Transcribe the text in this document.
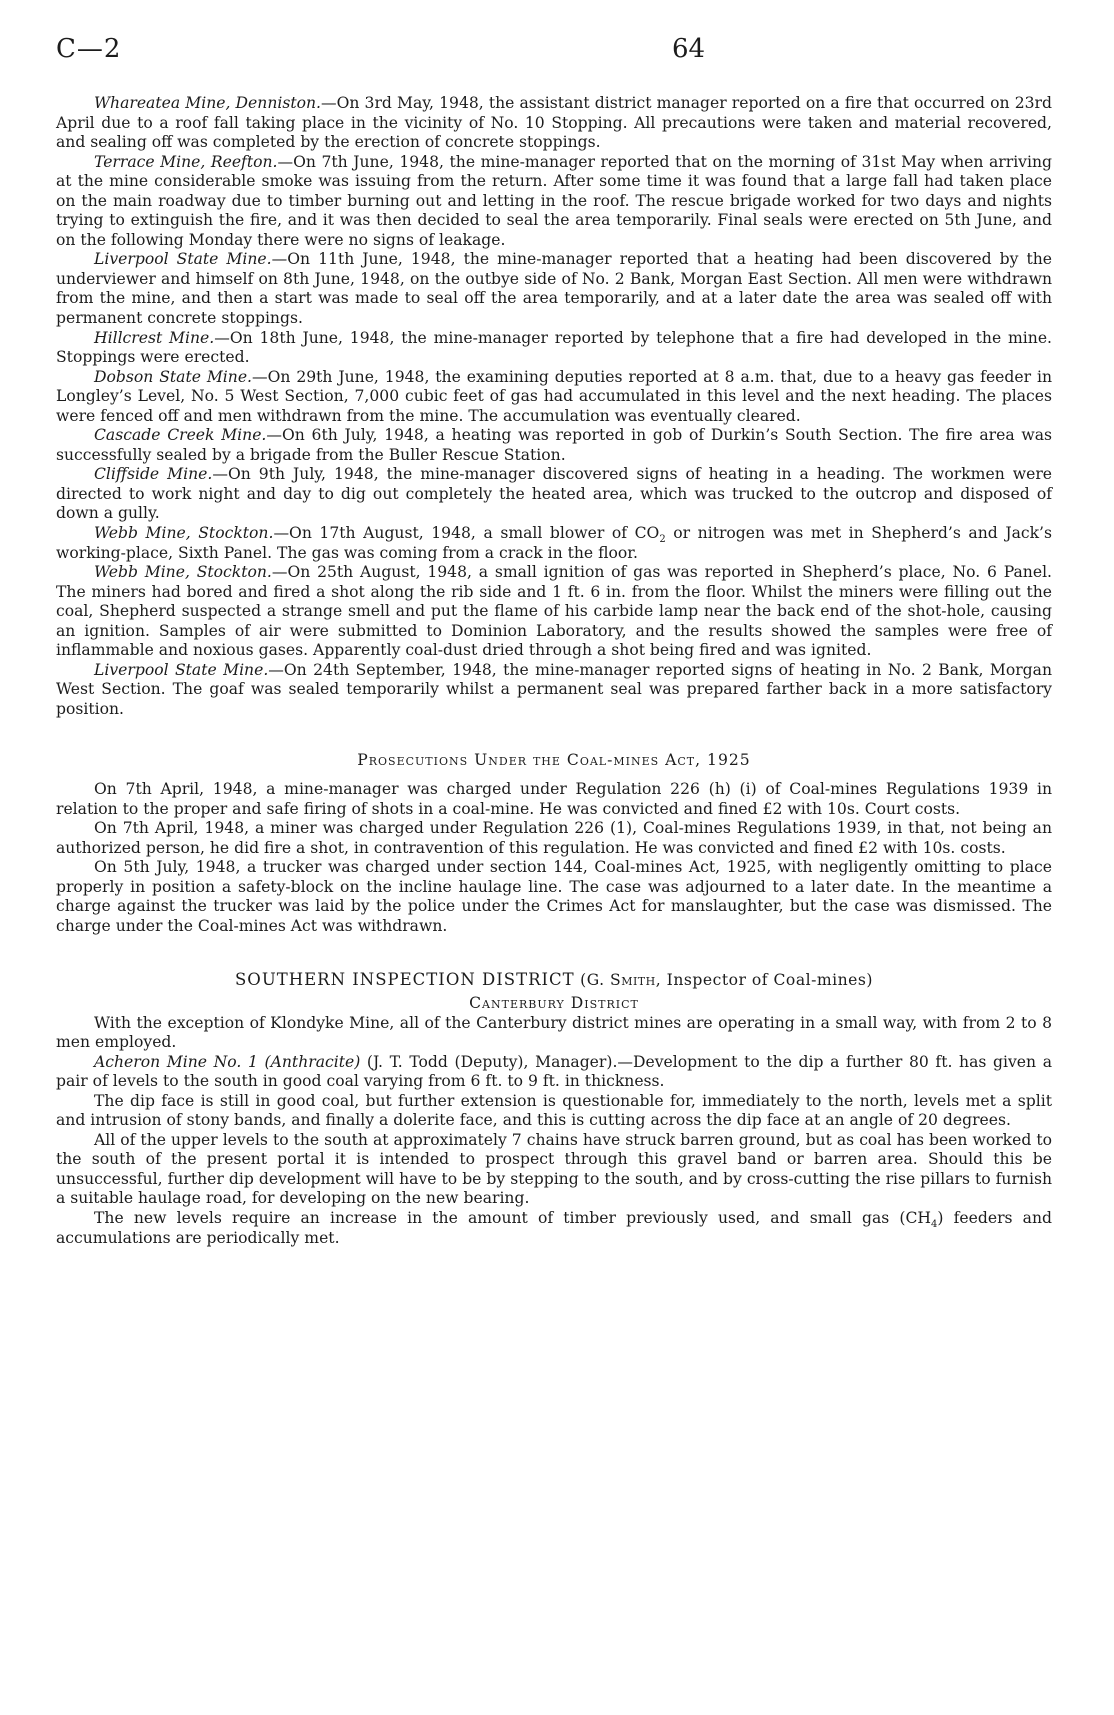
C—2	64

Whareatea Mine, Denniston.—On 3rd May, 1948, the assistant district manager reported on a fire that occurred on 23rd April due to a roof fall taking place in the vicinity of No. 10 Stopping. All precautions were taken and material recovered, and sealing off was completed by the erection of concrete stoppings.

Terrace Mine, Reefton.—On 7th June, 1948, the mine-manager reported that on the morning of 31st May when arriving at the mine considerable smoke was issuing from the return. After some time it was found that a large fall had taken place on the main roadway due to timber burning out and letting in the roof. The rescue brigade worked for two days and nights trying to extinguish the fire, and it was then decided to seal the area temporarily. Final seals were erected on 5th June, and on the following Monday there were no signs of leakage.

Liverpool State Mine.—On 11th June, 1948, the mine-manager reported that a heating had been discovered by the underviewer and himself on 8th June, 1948, on the outbye side of No. 2 Bank, Morgan East Section. All men were withdrawn from the mine, and then a start was made to seal off the area temporarily, and at a later date the area was sealed off with permanent concrete stoppings.

Hillcrest Mine.—On 18th June, 1948, the mine-manager reported by telephone that a fire had developed in the mine. Stoppings were erected.

Dobson State Mine.—On 29th June, 1948, the examining deputies reported at 8 a.m. that, due to a heavy gas feeder in Longley’s Level, No. 5 West Section, 7,000 cubic feet of gas had accumulated in this level and the next heading. The places were fenced off and men withdrawn from the mine. The accumulation was eventually cleared.

Cascade Creek Mine.—On 6th July, 1948, a heating was reported in gob of Durkin’s South Section. The fire area was successfully sealed by a brigade from the Buller Rescue Station.

Cliffside Mine.—On 9th July, 1948, the mine-manager discovered signs of heating in a heading. The workmen were directed to work night and day to dig out completely the heated area, which was trucked to the outcrop and disposed of down a gully.

Webb Mine, Stockton.—On 17th August, 1948, a small blower of $CO_2$ or nitrogen was met in Shepherd’s and Jack’s working-place, Sixth Panel. The gas was coming from a crack in the floor.

Webb Mine, Stockton.—On 25th August, 1948, a small ignition of gas was reported in Shepherd’s place, No. 6 Panel. The miners had bored and fired a shot along the rib side and 1 ft. 6 in. from the floor. Whilst the miners were filling out the coal, Shepherd suspected a strange smell and put the flame of his carbide lamp near the back end of the shot-hole, causing an ignition. Samples of air were submitted to Dominion Laboratory, and the results showed the samples were free of inflammable and noxious gases. Apparently coal-dust dried through a shot being fired and was ignited.

Liverpool State Mine.—On 24th September, 1948, the mine-manager reported signs of heating in No. 2 Bank, Morgan West Section. The goaf was sealed temporarily whilst a permanent seal was prepared farther back in a more satisfactory position.

Prosecutions Under the Coal-mines Act, 1925

On 7th April, 1948, a mine-manager was charged under Regulation 226 (h) (i) of Coal-mines Regulations 1939 in relation to the proper and safe firing of shots in a coal-mine. He was convicted and fined £2 with 10s. Court costs.

On 7th April, 1948, a miner was charged under Regulation 226 (1), Coal-mines Regulations 1939, in that, not being an authorized person, he did fire a shot, in contravention of this regulation. He was convicted and fined £2 with 10s. costs.

On 5th July, 1948, a trucker was charged under section 144, Coal-mines Act, 1925, with negligently omitting to place properly in position a safety-block on the incline haulage line. The case was adjourned to a later date. In the meantime a charge against the trucker was laid by the police under the Crimes Act for manslaughter, but the case was dismissed. The charge under the Coal-mines Act was withdrawn.

SOUTHERN INSPECTION DISTRICT (G. Smith, Inspector of Coal-mines)

Canterbury District

With the exception of Klondyke Mine, all of the Canterbury district mines are operating in a small way, with from 2 to 8 men employed.

Acheron Mine No. 1 (Anthracite) (J. T. Todd (Deputy), Manager).—Development to the dip a further 80 ft. has given a pair of levels to the south in good coal varying from 6 ft. to 9 ft. in thickness.

The dip face is still in good coal, but further extension is questionable for, immediately to the north, levels met a split and intrusion of stony bands, and finally a dolerite face, and this is cutting across the dip face at an angle of 20 degrees.

All of the upper levels to the south at approximately 7 chains have struck barren ground, but as coal has been worked to the south of the present portal it is intended to prospect through this gravel band or barren area. Should this be unsuccessful, further dip development will have to be by stepping to the south, and by cross-cutting the rise pillars to furnish a suitable haulage road, for developing on the new bearing.

The new levels require an increase in the amount of timber previously used, and small gas $(CH_4)$ feeders and accumulations are periodically met.
